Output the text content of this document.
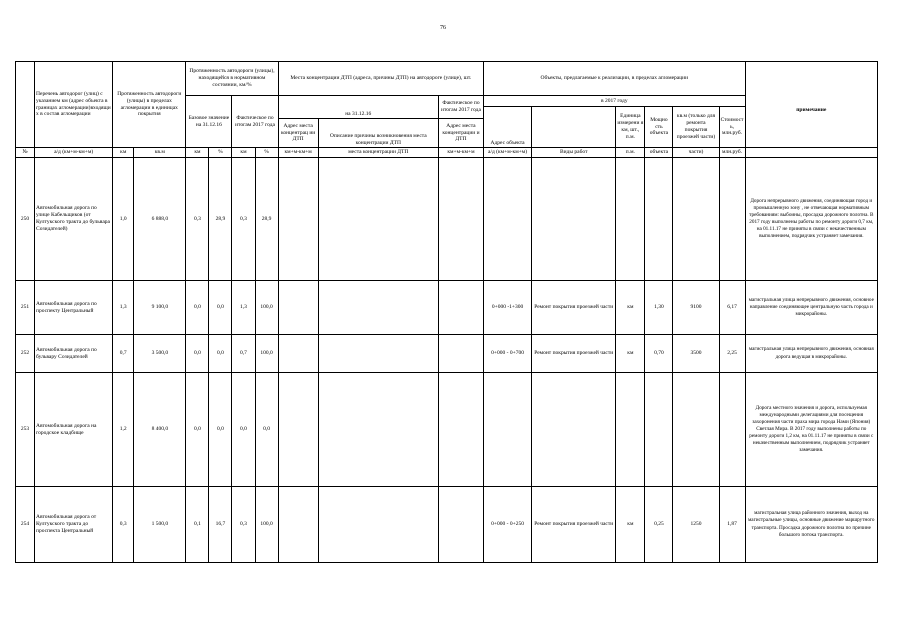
76
	Перечень автодорог (улиц) с указанием км (адрес объекта в границах агломерации)входящи х в состав агломерации	Протяженность автодороги (улицы) в пределах агломерации в единицах покрытия		Протяженность автодороги (улицы), находящейся в нормативном состоянии, км/%				Места концентрации ДТП (адреса, причины ДТП) на автодороге (улице), шт.			Объекты, предлагаемые к реализации, в пределах агломерации						примечание
				Базовое значение на 31.12.16		Фактическое по итогам 2017 года		на 31.12.16		Фактическое по итогам 2017 года	в 2017 году						
											Адрес объекта		Единица измерени я км, шт., п.м.	Мощно сть объекта	кв.м (только для ремонта покрытия проезжей части)	Стоимост ь, млн.руб.	
								Адрес места концентрац ии ДТП	Описание причины возникновения места концентрации ДТП	Адрес места концентрации и ДТП							
№	а/д (км+м-км+м)	км	кв.м	км	%	км	%	км+м-км+м	места концентрации ДТП	км+м-км+м	а/д (км+м-км+м)	Виды работ	п.м.	объекта	части)	млн.руб.	
250	Автомобильная дорога по улице Кабельщиков (от Култукского тракта до бульвара Созидателей)	1,0	6 888,0	0,3	28,9	0,3	28,9										Дорога непрерывного движения, соединяющая город и промышленную зону , не отвечающая нормативным требованиям: выбоины, просадка дорожного полотна. В 2017 году выполнены работы по ремонту дороги 0,7 км, на 01.11.17 не приняты в связи с некачественным выполнением, подрядчик устраняет замечания.
251	Автомобильная дорога по проспекту Центральный	1,3	9 100,0	0,0	0,0	1,3	100,0				0+000 -1+300	Ремонт покрытия проезжей части	км	1,30	9100	6,17	магистральная улица непрерывного движения, основное направление соединяющее центральную часть города и микрорайоны.
252	Автомобильная дорога по бульвару Созидателей	0,7	3 500,0	0,0	0,0	0,7	100,0				0+000 - 0+700	Ремонт покрытия проезжей части	км	0,70	3500	2,25	магистральная улица непрерывного движения, основная дорога ведущая в микрорайоны.
253	Автомобильная дорога на городское кладбище	1,2	8 400,0	0,0	0,0	0,0	0,0										Дорога местного значения и дорога, используемая международными делегациями для посещения захоронения части праха мира города Нами (Япония) Светлая Мира. В 2017 году выполнены работы по ремонту дороги 1,2 км, на 01.11.17 не приняты в связи с некачественным выполнением, подрядчик устраняет замечания.
254	Автомобильная дорога от Култукского тракта до проспекта Центральный	0,3	1 500,0	0,1	16,7	0,3	100,0				0+000 - 0+250	Ремонт покрытия проезжей части	км	0,25	1250	1,87	магистральная улица районного значения, выход на магистральные улицы, основные движение маршрутного транспорта. Просадка дорожного полотна по причине большого потока транспорта.
